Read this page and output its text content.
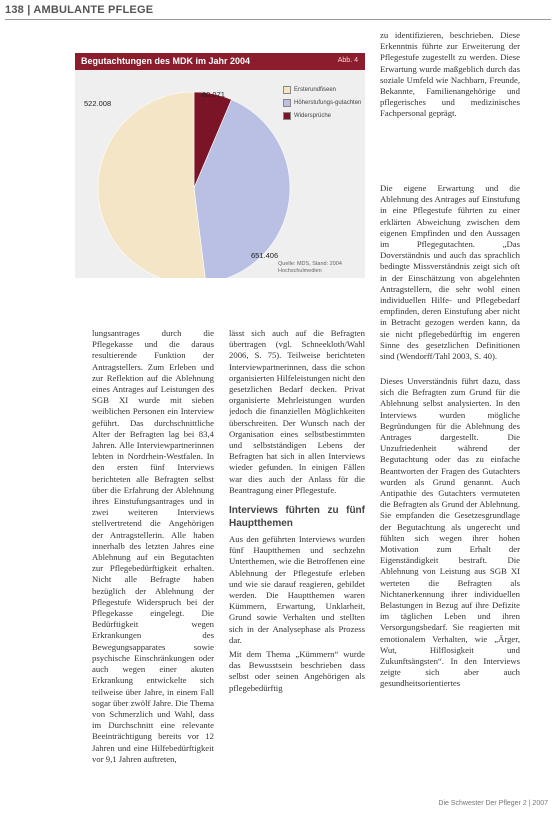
138 | AMBULANTE PFLEGE
Begutachtungen des MDK im Jahr 2004	Abb. 4
80.071
522.008
651.406
Ersterundfiseen
Höherstufungs-gutachten
Widersprüche
Quelle: MDS, Stand: 2004 Hochschulmedien

zu identifizieren, beschrieben. Diese Erkenntnis führte zur Erweiterung der Pflegestufe zugestellt zu werden. Diese Erwartung wurde maßgeblich durch das soziale Umfeld wie Nachbarn, Freunde, Bekannte, Familienangehörige und pflegerisches und medizinisches Fachpersonal geprägt.

Die eigene Erwartung und die Ablehnung des Antrages auf Einstufung in eine Pflegestufe führten zu einer erklärten Abweichung zwischen dem eigenen Empfinden und den Aussagen im Pflegegutachten. „Das Doverständnis und auch das sprachlich bedingte Missverständnis zeigt sich oft in der Einschätzung von abgelehnten Antragstellern, die sehr wohl einen individuellen Hilfe- und Pflegebedarf empfinden, deren Einstufung aber nicht in Betracht gezogen werden kann, da sie nicht pflegebedürftig im engeren Sinne des gesetzlichen Definitionen sind (Wendorff/Tahl 2003, S. 40).

Dieses Unverständnis führt dazu, dass sich die Befragten zum Grund für die Ablehnung selbst analysierten. In den Interviews wurden mögliche Begründungen für die Ablehnung des Antrages dargestellt. Die Unzufriedenheit während der Begutachtung oder das zu einfache Beantworten der Fragen des Gutachters wurden als Grund genannt. Auch Antipathie des Gutachters vermuteten die Befragten als Grund der Ablehnung. Sie empfanden die Gesetzesgrundlage der Begutachtung als ungerecht und fühlten sich wegen ihrer hohen Motivation zum Erhalt der Eigenständigkeit bestraft. Die Ablehnung von Leistung aus SGB XI werteten die Befragten als Nichtanerkennung ihrer individuellen Belastungen in Bezug auf ihre Defizite im täglichen Leben und ihren Versorgungsbedarf. Sie reagierten mit emotionalem Verhalten, wie „Ärger, Wut, Hilflosigkeit und Zukunftsängsten“. In den Interviews zeigte sich aber auch gesundheitsorientiertes

lungsantrages durch die Pflegekasse und die daraus resultierende Funktion der Antragstellers. Zum Erleben und zur Reflektion auf die Ablehnung eines Antrages auf Leistungen des SGB XI wurde mit sieben weiblichen Personen ein Interview geführt. Das durchschnittliche Alter der Befragten lag bei 83,4 Jahren. Alle Interviewpartnerinnen lebten in Nordrhein-Westfalen. In den ersten fünf Interviews berichteten alle Befragten selbst über die Erfahrung der Ablehnung ihres Einstufungsantrages und in zwei weiteren Interviews stellvertretend die Angehörigen der Antragstellerin. Alle haben innerhalb des letzten Jahres eine Ablehnung auf ein Begutachten zur Pflegebedürftigkeit erhalten. Nicht alle Befragte haben bezüglich der Ablehnung der Pflegestufe Widerspruch bei der Pflegekasse eingelegt. Die Bedürftigkeit wegen Erkrankungen des Bewegungsapparates sowie psychische Einschränkungen oder auch wegen einer akuten Erkrankung entwickelte sich teilweise über Jahre, in einem Fall sogar über zwölf Jahre. Die Thema von Schmerzlich und Wahl, dass im Durchschnitt eine relevante Beeinträchtigung bereits vor 12 Jahren und eine Hilfebedürftigkeit vor 9,1 Jahren auftreten,

lässt sich auch auf die Befragten übertragen (vgl. Schneekloth/Wahl 2006, S. 75). Teilweise berichteten Interviewpartnerinnen, dass die schon organisierten Hilfeleistungen nicht den gesetzlichen Bedarf decken. Privat organisierte Mehrleistungen wurden jedoch die finanziellen Möglichkeiten überschreiten. Der Wunsch nach der Organisation eines selbstbestimmten und selbstständigen Lebens der Befragten hat sich in allen Interviews wieder gefunden. In einigen Fällen war dies auch der Anlass für die Beantragung einer Pflegestufe.

Interviews führten zu fünf Hauptthemen

Aus den geführten Interviews wurden fünf Hauptthemen und sechzehn Unterthemen, wie die Betroffenen eine Ablehnung der Pflegestufe erleben und wie sie darauf reagieren, gebildet werden. Die Hauptthemen waren Kümmern, Erwartung, Unklarheit, Grund sowie Verhalten und stellten sich in der Analysephase als Prozess dar.

Mit dem Thema „Kümmern“ wurde das Bewusstsein beschrieben dass selbst oder seinen Angehörigen als pflegebedürftig

Die Schwester Der Pfleger 2 | 2007
